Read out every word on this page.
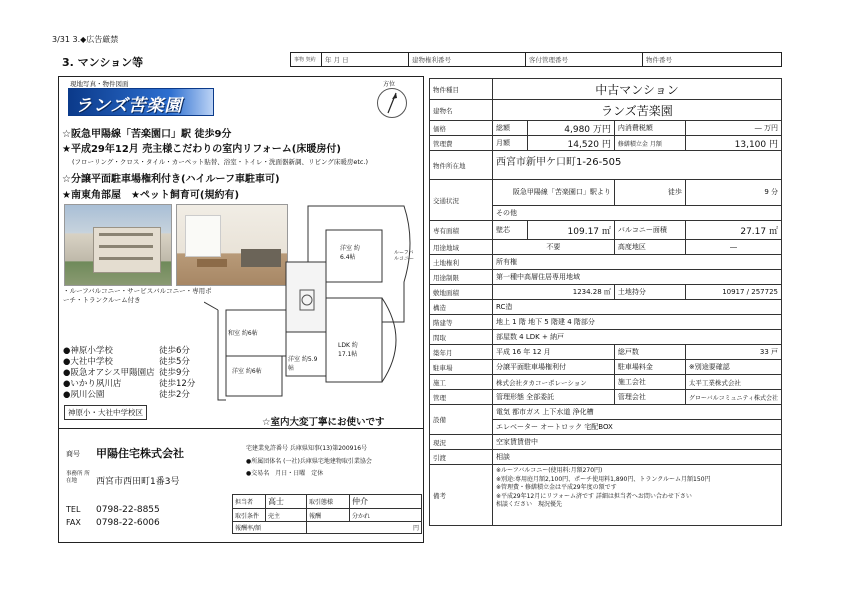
3/31 3.◆広告厳禁
3. マンション等	事物 契約	年 月 日	建物権利番号	客付管理番号	物件番号
現地写真・物件図面
ランズ苦楽園
方位
☆阪急甲陽線「苦楽園口」駅 徒歩9分
★平成29年12月 売主様こだわりの室内リフォーム(床暖房付)
(フローリング・クロス・タイル・カーペット貼替、浴室・トイレ・洗面器新調、リビング床暖房etc.)
☆分譲平面駐車場権利付き(ハイルーフ車駐車可)
★南東角部屋　★ペット飼育可(規約有)
・ルーフバルコニー・サービスバルコニー・専用ポーチ・トランクルーム付き
洋室 約6.4帖
LDK 約17.1帖
和室 約6帖
洋室 約6帖
洋室 約5.9帖
ルーフバルコニー
●神原小学校	徒歩6分
●大社中学校	徒歩5分
●阪急オアシス甲陽園店 徒歩9分
●いかり夙川店	徒歩12分
●夙川公園	徒歩2分
神原小・大社中学校区
☆室内大変丁寧にお使いです
商号 甲陽住宅株式会社
事務所 所在地	西宮市西田町1番3号
TEL 0798-22-8855
FAX 0798-22-6006
宅建業免許番号 兵庫県知事(13)第200916号
●所属団体名 (一社)兵庫県宅地建物取引業協会
●交易名　月日・日曜　定休
担当者	高士	取引態様	仲介
取引条件	売主	報酬	分かれ
報酬率/額		円	
物件種目	中古マンション			
建物名	ランズ苦楽園			
価格	総額	4,980 万円	内消費税額	― 万円
管理費	月額	14,520 円	修繕積立金 月額	13,100 円
物件所在地	西宮市新甲ケ口町1-26-505			
交通状況	阪急甲陽線「苦楽園口」駅より		徒歩	9 分
	その他			
専有面積	壁芯	109.17 ㎡	バルコニー面積	27.17 ㎡
用途地域	不要		高度地区	―
土地権利	所有権			
用途制限	第一種中高層住居専用地域			
敷地面積	1234.28 ㎡		土地持分	10917 / 257725
構造	RC造			
階建等	地上 1 階 地下 5 階建 4 階部分			
間取	部屋数 4 LDK + 納戸			
築年月	平成 16 年 12 月		総戸数	33 戸
駐車場	分譲平面駐車場権利付		駐車場料金	※別途要確認
施工	株式会社タカコーポレーション		施工会社	太平工業株式会社
管理	管理形態 全部委託		管理会社	グローバルコミュニティ株式会社
設備	電気 都市ガス 上下水道 浄化槽			
	エレベーター オートロック 宅配BOX			
現況	空家賃賃借中			
引渡	相談			
備考	※ルーフバルコニー(使用料:月額270円)
※別途:専用庭月額2,100円、ポーチ使用料1,890円、トランクルーム月額150円
※管理費・修繕積立金は平成29年度の額です
※平成29年12月にリフォーム済です 詳細は担当者へお問い合わせ下さい
相談ください　現況優先			
